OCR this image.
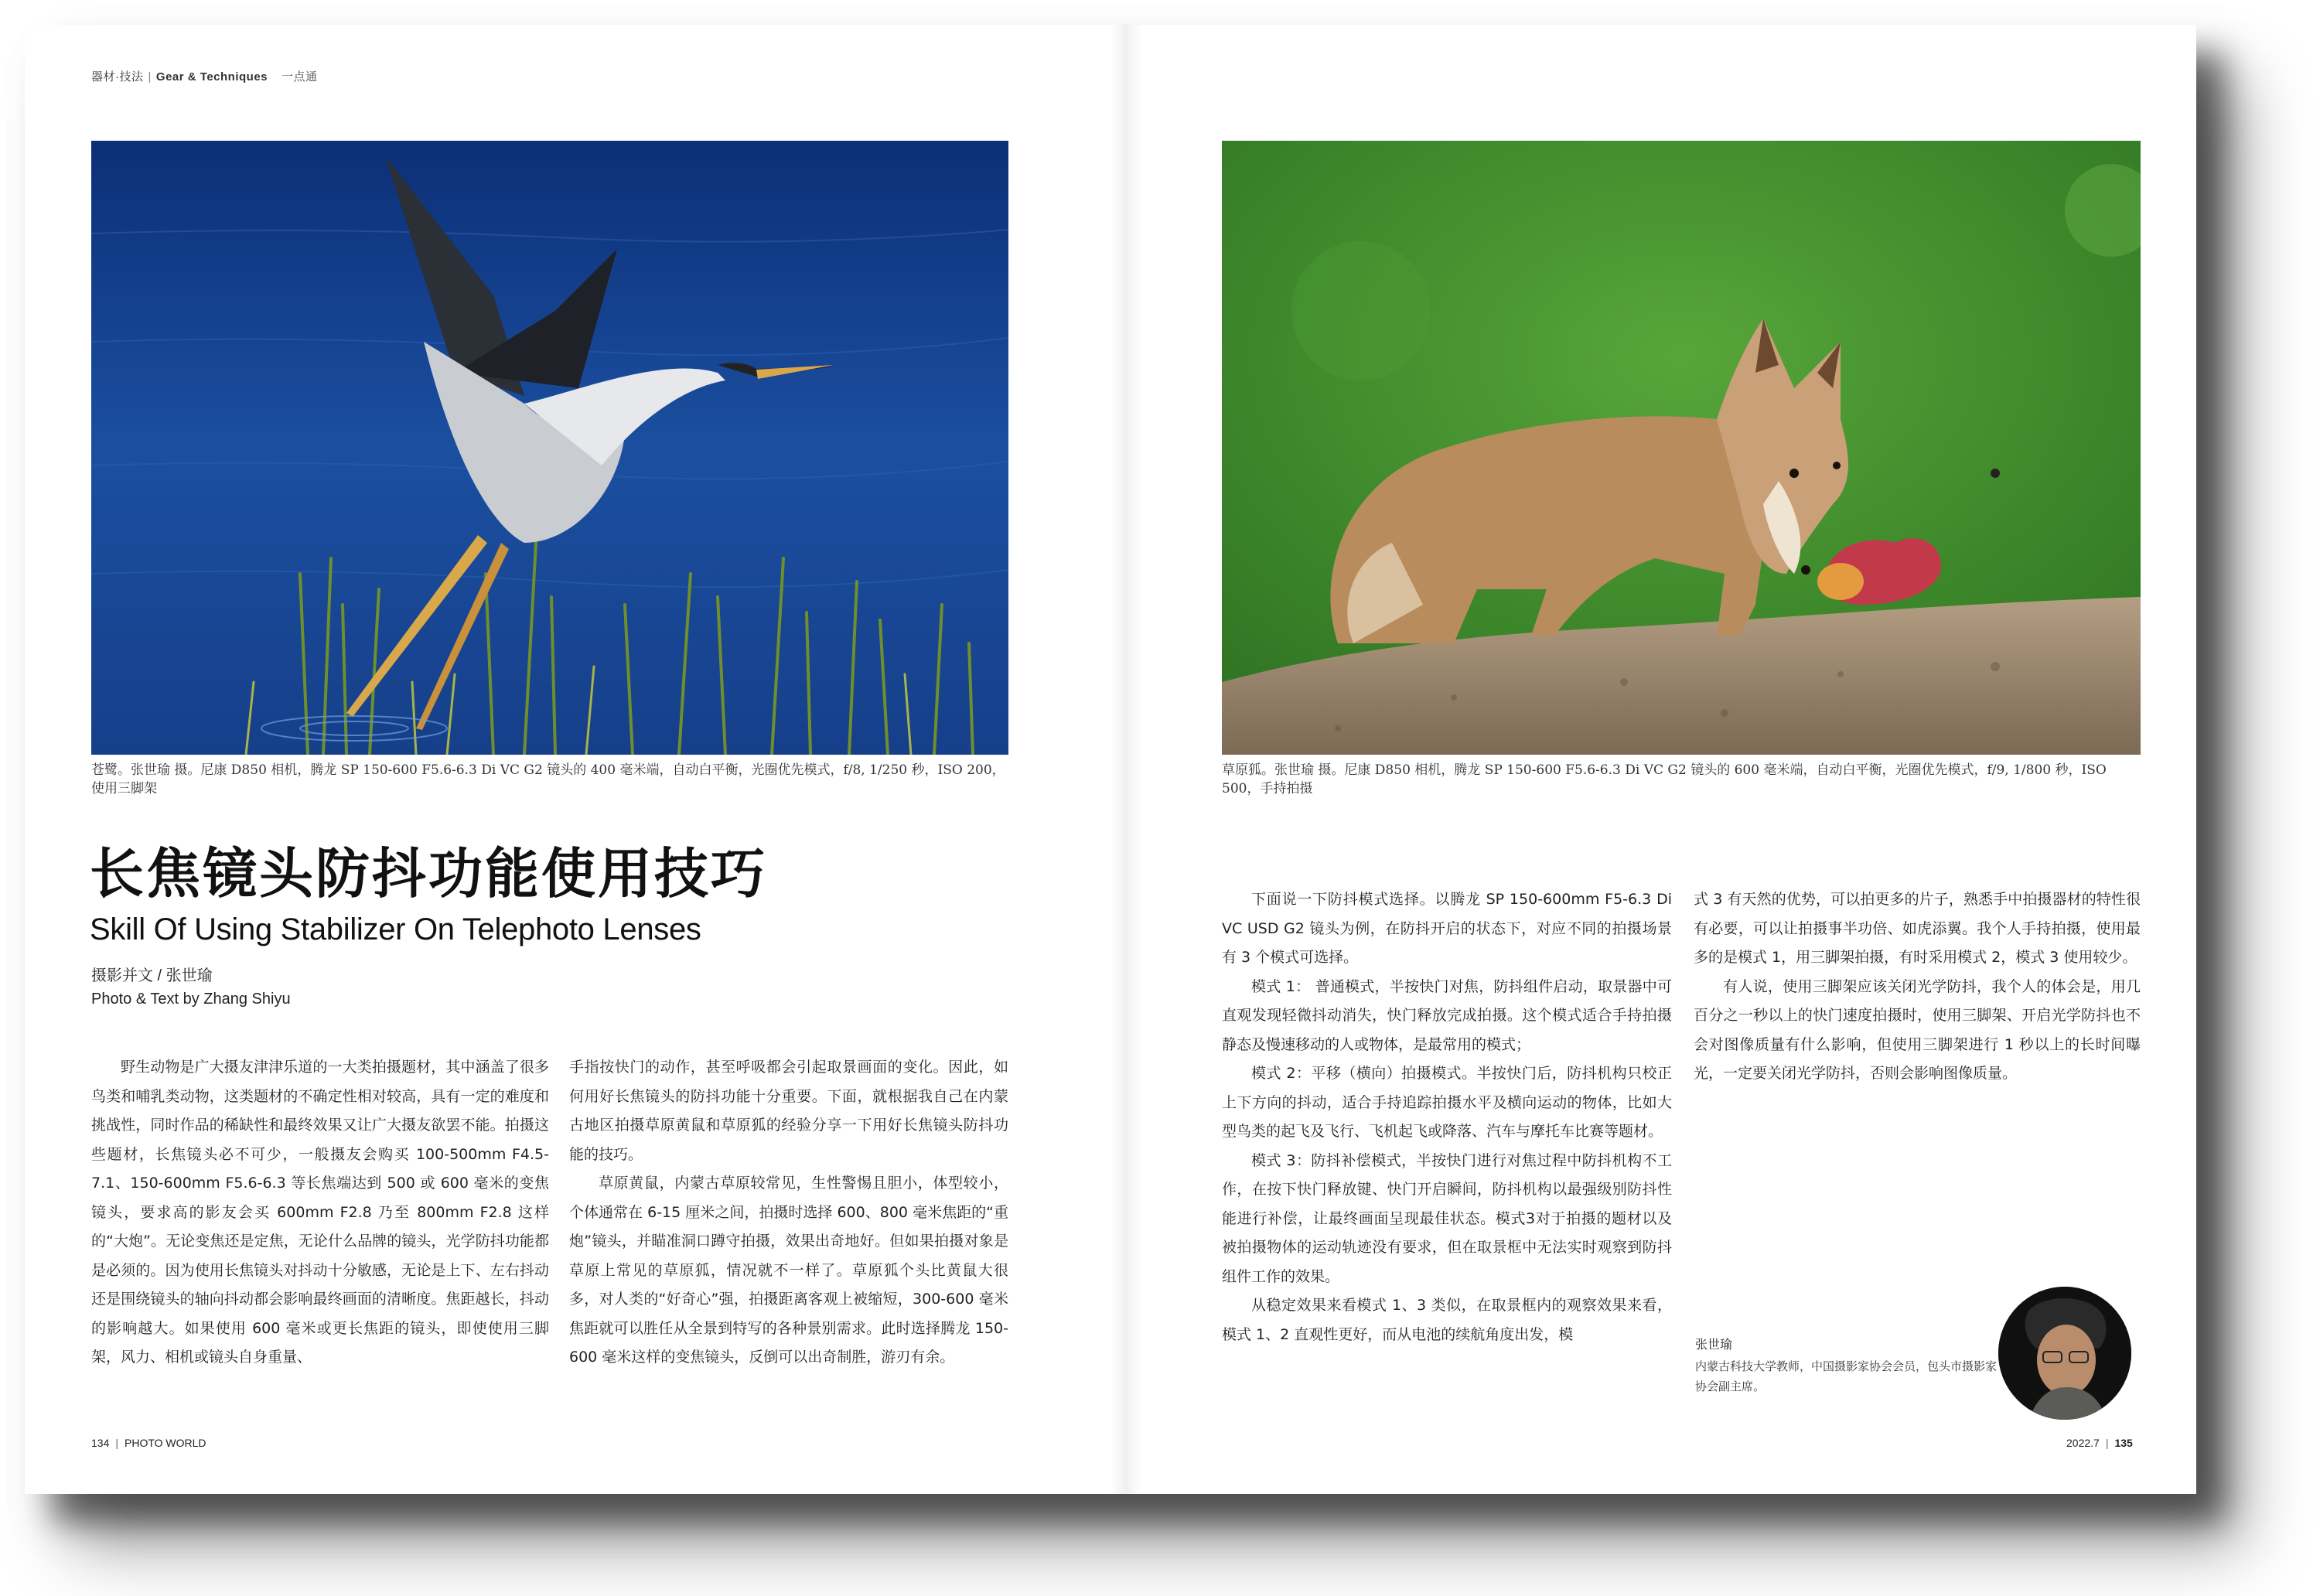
器材·技法 | Gear & Techniques 一点通
苍鹭。张世瑜 摄。尼康 D850 相机，腾龙 SP 150-600 F5.6-6.3 Di VC G2 镜头的 400 毫米端，自动白平衡，光圈优先模式，f/8, 1/250 秒，ISO 200，使用三脚架
草原狐。张世瑜 摄。尼康 D850 相机，腾龙 SP 150-600 F5.6-6.3 Di VC G2 镜头的 600 毫米端，自动白平衡，光圈优先模式，f/9, 1/800 秒，ISO 500，手持拍摄
长焦镜头防抖功能使用技巧
Skill Of Using Stabilizer On Telephoto Lenses
摄影并文 / 张世瑜
Photo & Text by Zhang Shiyu

野生动物是广大摄友津津乐道的一大类拍摄题材，其中涵盖了很多鸟类和哺乳类动物，这类题材的不确定性相对较高，具有一定的难度和挑战性，同时作品的稀缺性和最终效果又让广大摄友欲罢不能。拍摄这些题材，长焦镜头必不可少，一般摄友会购买 100-500mm F4.5-7.1、150-600mm F5.6-6.3 等长焦端达到 500 或 600 毫米的变焦镜头，要求高的影友会买 600mm F2.8 乃至 800mm F2.8 这样的“大炮”。无论变焦还是定焦，无论什么品牌的镜头，光学防抖功能都是必须的。因为使用长焦镜头对抖动十分敏感，无论是上下、左右抖动还是围绕镜头的轴向抖动都会影响最终画面的清晰度。焦距越长，抖动的影响越大。如果使用 600 毫米或更长焦距的镜头，即使使用三脚架，风力、相机或镜头自身重量、

手指按快门的动作，甚至呼吸都会引起取景画面的变化。因此，如何用好长焦镜头的防抖功能十分重要。下面，就根据我自己在内蒙古地区拍摄草原黄鼠和草原狐的经验分享一下用好长焦镜头防抖功能的技巧。

草原黄鼠，内蒙古草原较常见，生性警惕且胆小，体型较小，个体通常在 6-15 厘米之间，拍摄时选择 600、800 毫米焦距的“重炮”镜头，并瞄准洞口蹲守拍摄，效果出奇地好。但如果拍摄对象是草原上常见的草原狐，情况就不一样了。草原狐个头比黄鼠大很多，对人类的“好奇心”强，拍摄距离客观上被缩短，300-600 毫米焦距就可以胜任从全景到特写的各种景别需求。此时选择腾龙 150-600 毫米这样的变焦镜头，反倒可以出奇制胜，游刃有余。

下面说一下防抖模式选择。以腾龙 SP 150-600mm F5-6.3 Di VC USD G2 镜头为例，在防抖开启的状态下，对应不同的拍摄场景有 3 个模式可选择。

模式 1： 普通模式，半按快门对焦，防抖组件启动，取景器中可直观发现轻微抖动消失，快门释放完成拍摄。这个模式适合手持拍摄静态及慢速移动的人或物体，是最常用的模式；

模式 2：平移（横向）拍摄模式。半按快门后，防抖机构只校正上下方向的抖动，适合手持追踪拍摄水平及横向运动的物体，比如大型鸟类的起飞及飞行、飞机起飞或降落、汽车与摩托车比赛等题材。

模式 3：防抖补偿模式，半按快门进行对焦过程中防抖机构不工作，在按下快门释放键、快门开启瞬间，防抖机构以最强级别防抖性能进行补偿，让最终画面呈现最佳状态。模式3对于拍摄的题材以及被拍摄物体的运动轨迹没有要求，但在取景框中无法实时观察到防抖组件工作的效果。

从稳定效果来看模式 1、3 类似，在取景框内的观察效果来看，模式 1、2 直观性更好，而从电池的续航角度出发，模

式 3 有天然的优势，可以拍更多的片子，熟悉手中拍摄器材的特性很有必要，可以让拍摄事半功倍、如虎添翼。我个人手持拍摄，使用最多的是模式 1，用三脚架拍摄，有时采用模式 2，模式 3 使用较少。

有人说，使用三脚架应该关闭光学防抖，我个人的体会是，用几百分之一秒以上的快门速度拍摄时，使用三脚架、开启光学防抖也不会对图像质量有什么影响，但使用三脚架进行 1 秒以上的长时间曝光，一定要关闭光学防抖，否则会影响图像质量。

张世瑜
内蒙古科技大学教师，中国摄影家协会会员，包头市摄影家协会副主席。
134 | PHOTO WORLD	2022.7 | 135
